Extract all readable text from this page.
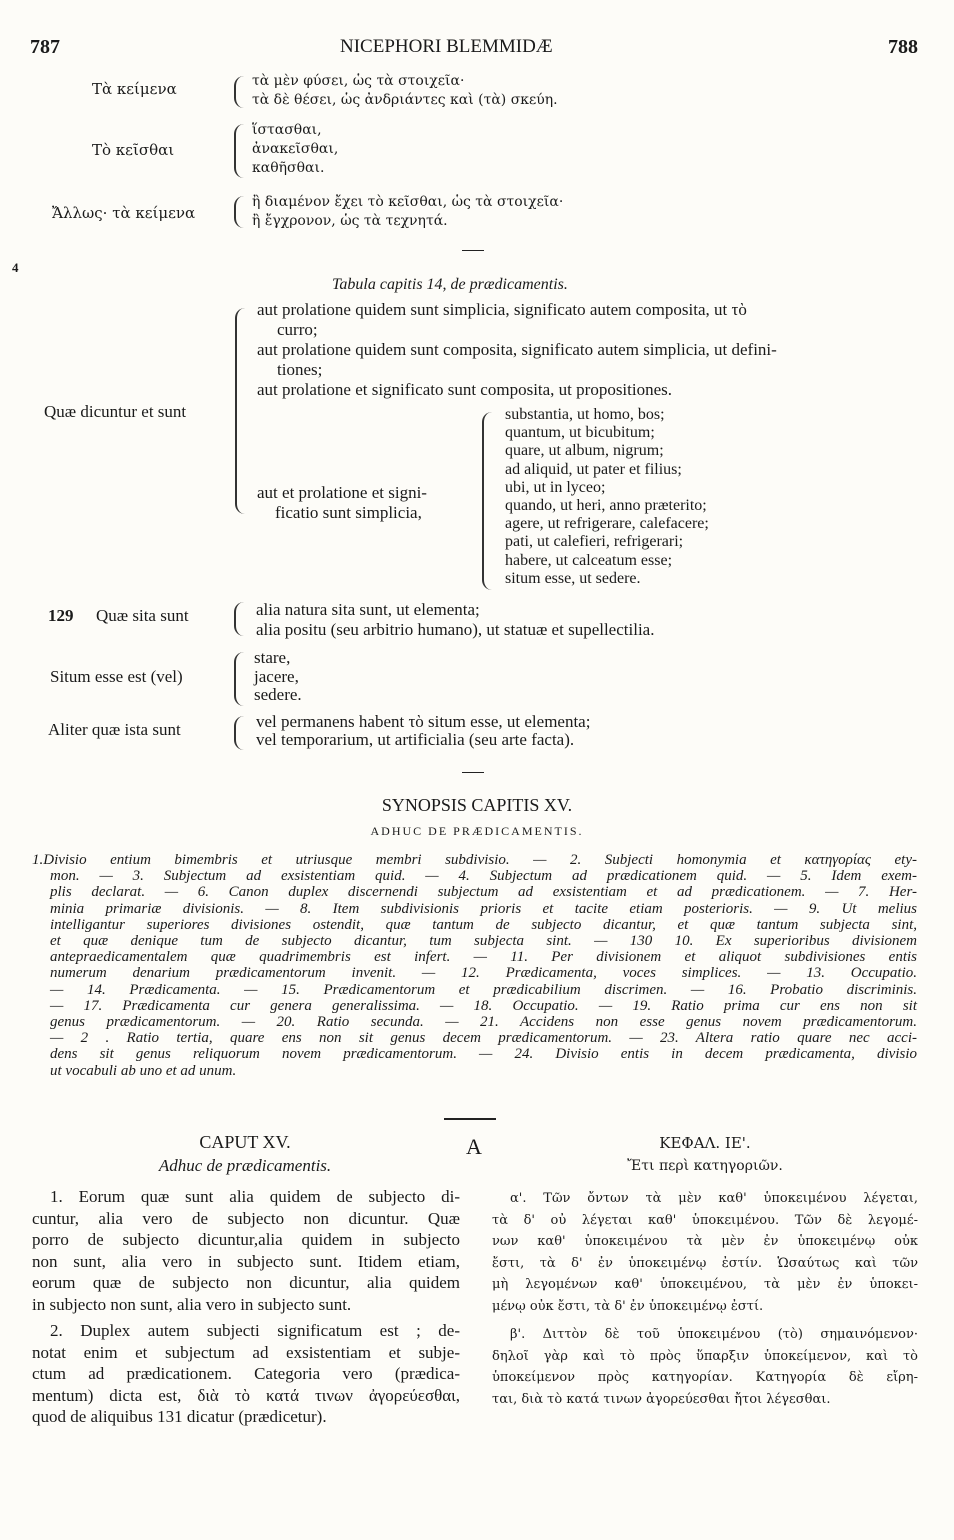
787	NICEPHORI BLEMMIDÆ	788
Τὰ κείμενα	τὰ μὲν φύσει, ὡς τὰ στοιχεῖα·
τὰ δὲ θέσει, ὡς ἀνδριάντες καὶ (τὰ) σκεύη.
Τὸ κεῖσθαι
ἵστασθαι,
ἀνακεῖσθαι,
καθῆσθαι.
Ἄλλως· τὰ κείμενα
ἢ διαμένον ἔχει τὸ κεῖσθαι, ὡς τὰ στοιχεῖα·
ἢ ἔγχρονον, ὡς τὰ τεχνητά.
4
Tabula capitis 14, de prædicamentis.
Quæ dicuntur et sunt
aut prolatione quidem sunt simplicia, significato autem composita, ut τὸ
curro;
aut prolatione quidem sunt composita, significato autem simplicia, ut defini-
tiones;
aut prolatione et significato sunt composita, ut propositiones.
aut et prolatione et signi-
ficatio sunt simplicia,
substantia, ut homo, bos;
quantum, ut bicubitum;
quare, ut album, nigrum;
ad aliquid, ut pater et filius;
ubi, ut in lyceo;
quando, ut heri, anno præterito;
agere, ut refrigerare, calefacere;
pati, ut calefieri, refrigerari;
habere, ut calceatum esse;
situm esse, ut sedere.
129 Quæ sita sunt	alia natura sita sunt, ut elementa;
alia positu (seu arbitrio humano), ut statuæ et supellectilia.
Situm esse est (vel)
stare,
jacere,
sedere.
Aliter quæ ista sunt	vel permanens habent τὸ situm esse, ut elementa;
vel temporarium, ut artificialia (seu arte facta).
SYNOPSIS CAPITIS XV.
ADHUC DE PRÆDICAMENTIS.
1.Divisio entium bimembris et utriusque membri subdivisio. — 2. Subjecti homonymia et κατηγορίας ety-
mon. — 3. Subjectum ad exsistentiam quid. — 4. Subjectum ad prædicationem quid. — 5. Idem exem-
plis declarat. — 6. Canon duplex discernendi subjectum ad exsistentiam et ad prædicationem. — 7. Her-
minia primariæ divisionis. — 8. Item subdivisionis prioris et tacite etiam posterioris. — 9. Ut melius
intelligantur superiores divisiones ostendit, quæ tantum de subjecto dicantur, et quæ tantum subjecta sint,
et quæ denique tum de subjecto dicantur, tum subjecta sint. — 130 10. Ex superioribus divisionem
antepraedicamentalem quæ quadrimembris est infert. — 11. Per divisionem et aliquot subdivisiones entis
numerum denarium prædicamentorum invenit. — 12. Prædicamenta, voces simplices. — 13. Occupatio.
— 14. Prædicamenta. — 15. Prædicamentorum et prædicabilium discrimen. — 16. Probatio discriminis.
— 17. Prædicamenta cur genera generalissima. — 18. Occupatio. — 19. Ratio prima cur ens non sit
genus prædicamentorum. — 20. Ratio secunda. — 21. Accidens non esse genus novem prædicamentorum.
— 2 . Ratio tertia, quare ens non sit genus decem prædicamentorum. — 23. Altera ratio quare nec acci-
dens sit genus reliquorum novem prædicamentorum. — 24. Divisio entis in decem prædicamenta, divisio
ut vocabuli ab uno et ad unum.
CAPUT XV.
Adhuc de prædicamentis.
A	ΚΕΦΑΛ. ΙΕ'.
Ἔτι περὶ κατηγοριῶν.
1. Eorum quæ sunt alia quidem de subjecto di-
cuntur, alia vero de subjecto non dicuntur. Quæ
porro de subjecto dicuntur,alia quidem in subjecto
non sunt, alia vero in subjecto sunt. Itidem etiam,
eorum quæ de subjecto non dicuntur, alia quidem
in subjecto non sunt, alia vero in subjecto sunt.
2. Duplex autem subjecti significatum est ; de-
notat enim et subjectum ad exsistentiam et subje-
ctum ad prædicationem. Categoria vero (prædica-
mentum) dicta est, διὰ τὸ κατά τινων ἀγορεύεσθαι,
quod de aliquibus 131 dicatur (prædicetur).
α'. Τῶν ὄντων τὰ μὲν καθ' ὑποκειμένου λέγεται,
τὰ δ' οὐ λέγεται καθ' ὑποκειμένου. Τῶν δὲ λεγομέ-
νων καθ' ὑποκειμένου τὰ μὲν ἐν ὑποκειμένῳ οὐκ
ἔστι, τὰ δ' ἐν ὑποκειμένῳ ἐστίν. Ὡσαύτως καὶ τῶν
μὴ λεγομένων καθ' ὑποκειμένου, τὰ μὲν ἐν ὑποκει-
μένῳ οὐκ ἔστι, τὰ δ' ἐν ὑποκειμένῳ ἐστί.
β'. Διττὸν δὲ τοῦ ὑποκειμένου (τὸ) σημαινόμενον·
δηλοῖ γὰρ καὶ τὸ πρὸς ὕπαρξιν ὑποκείμενον, καὶ τὸ
ὑποκείμενον πρὸς κατηγορίαν. Κατηγορία δὲ εἴρη-
ται, διὰ τὸ κατά τινων ἀγορεύεσθαι ἤτοι λέγεσθαι.
